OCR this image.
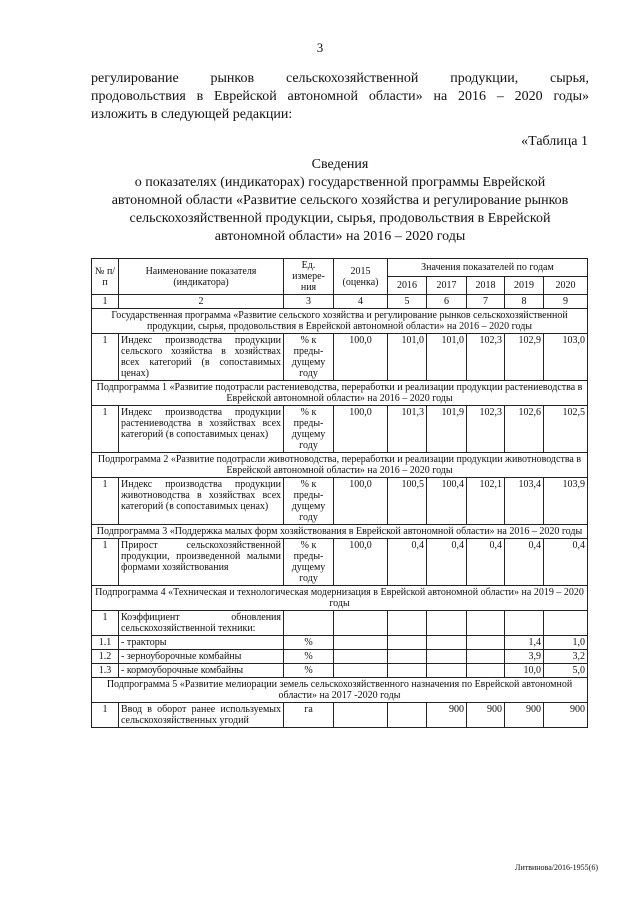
3
регулирование рынков сельскохозяйственной продукции, сырья,
продовольствия в Еврейской автономной области» на 2016 – 2020 годы»
изложить в следующей редакции:
«Таблица 1
Сведения
о показателях (индикаторах) государственной программы Еврейской
автономной области «Развитие сельского хозяйства и регулирование рынков
сельскохозяйственной продукции, сырья, продовольствия в Еврейской
автономной области» на 2016 – 2020 годы
№ п/п	Наименование показателя (индикатора)	Ед. измере-ния	2015 (оценка)	Значения показателей по годам				
				2016	2017	2018	2019	2020
1	2	3	4	5	6	7	8	9
Государственная программа «Развитие сельского хозяйства и регулирование рынков сельскохозяйственной продукции, сырья, продовольствия в Еврейской автономной области» на 2016 – 2020 годы								
1	Индекс производства продукции сельского хозяйства в хозяйствах всех категорий (в сопоставимых ценах)	% к преды-дущему году	100,0	101,0	101,0	102,3	102,9	103,0
Подпрограмма 1 «Развитие подотрасли растениеводства, переработки и реализации продукции растениеводства в Еврейской автономной области» на 2016 – 2020 годы								
1	Индекс производства продукции растениеводства в хозяйствах всех категорий (в сопоставимых ценах)	% к преды-дущему году	100,0	101,3	101,9	102,3	102,6	102,5
Подпрограмма 2 «Развитие подотрасли животноводства, переработки и реализации продукции животноводства в Еврейской автономной области» на 2016 – 2020 годы								
1	Индекс производства продукции животноводства в хозяйствах всех категорий (в сопоставимых ценах)	% к преды-дущему году	100,0	100,5	100,4	102,1	103,4	103,9
Подпрограмма 3 «Поддержка малых форм хозяйствования в Еврейской автономной области» на 2016 – 2020 годы								
1	Прирост сельскохозяйственной продукции, произведенной малыми формами хозяйствования	% к преды-дущему году	100,0	0,4	0,4	0,4	0,4	0,4
Подпрограмма 4 «Техническая и технологическая модернизация в Еврейской автономной области» на 2019 – 2020 годы								
1	Коэффициент обновления сельскохозяйственной техники:							
1.1	- тракторы	%					1,4	1,0
1.2	- зерноуборочные комбайны	%					3,9	3,2
1.3	- кормоуборочные комбайны	%					10,0	5,0
Подпрограмма 5 «Развитие мелиорации земель сельскохозяйственного назначения по Еврейской автономной области» на 2017 -2020 годы								
1	Ввод в оборот ранее используемых сельскохозяйственных угодий	га			900	900	900	900
Литвинова/2016-1955(6)
